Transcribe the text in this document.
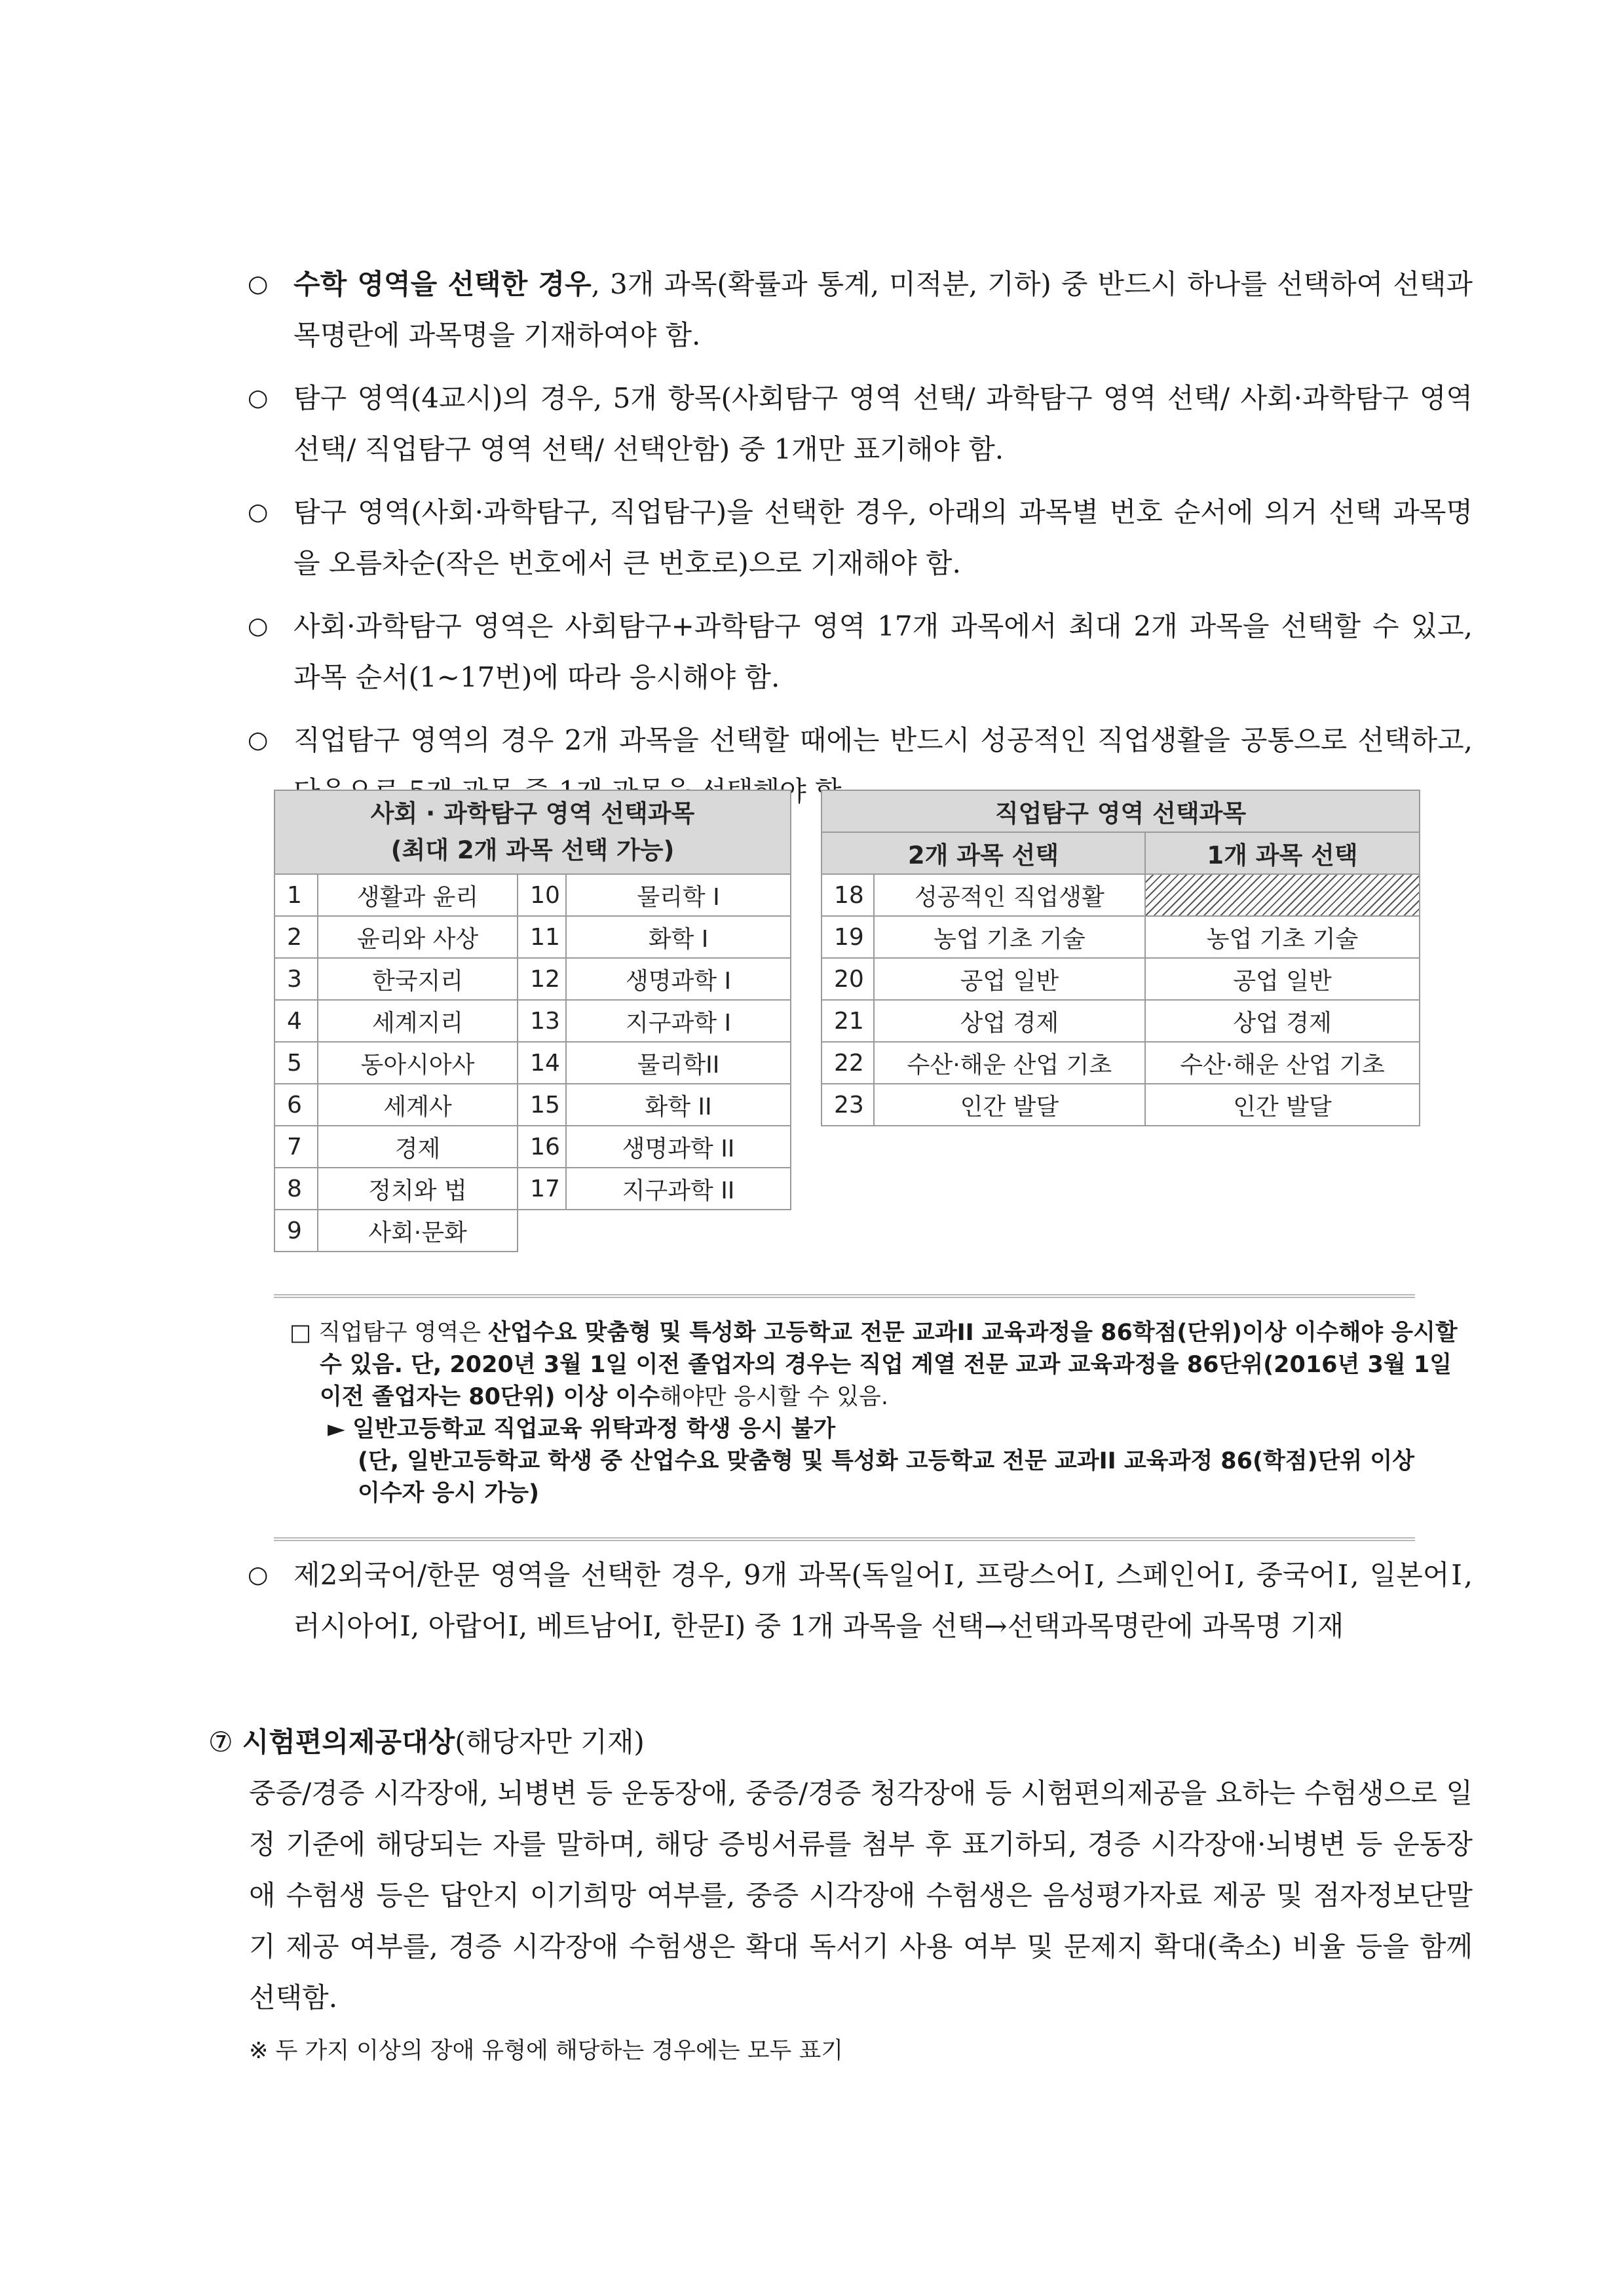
○ 수학 영역을 선택한 경우, 3개 과목(확률과 통계, 미적분, 기하) 중 반드시 하나를 선택하여 선택과목명란에 과목명을 기재하여야 함.
○ 탐구 영역(4교시)의 경우, 5개 항목(사회탐구 영역 선택/ 과학탐구 영역 선택/ 사회·과학탐구 영역 선택/ 직업탐구 영역 선택/ 선택안함) 중 1개만 표기해야 함.
○ 탐구 영역(사회·과학탐구, 직업탐구)을 선택한 경우, 아래의 과목별 번호 순서에 의거 선택 과목명을 오름차순(작은 번호에서 큰 번호로)으로 기재해야 함.
○ 사회·과학탐구 영역은 사회탐구+과학탐구 영역 17개 과목에서 최대 2개 과목을 선택할 수 있고, 과목 순서(1~17번)에 따라 응시해야 함.
○ 직업탐구 영역의 경우 2개 과목을 선택할 때에는 반드시 성공적인 직업생활을 공통으로 선택하고,
사회 · 과학탐구 영역 선택과목
(최대 2개 과목 선택 가능)			

1	생활과 윤리	10	물리학 I
2	윤리와 사상	11	화학 I
3	한국지리	12	생명과학 I
4	세계지리	13	지구과학 I
5	동아시아사	14	물리학II
6	세계사	15	화학 II
7	경제	16	생명과학 II
8	정치와 법	17	지구과학 II
9	사회·문화		
직업탐구 영역 선택과목		
2개 과목 선택		1개 과목 선택
18	성공적인 직업생활	
19	농업 기초 기술	농업 기초 기술
20	공업 일반	공업 일반
21	상업 경제	상업 경제
22	수산·해운 산업 기초	수산·해운 산업 기초
23	인간 발달	인간 발달
□ 직업탐구 영역은 산업수요 맞춤형 및 특성화 고등학교 전문 교과II 교육과정을 86학점(단위)이상 이수해야 응시할
수 있음. 단, 2020년 3월 1일 이전 졸업자의 경우는 직업 계열 전문 교과 교육과정을 86단위(2016년 3월 1일
이전 졸업자는 80단위) 이상 이수해야만 응시할 수 있음.
► 일반고등학교 직업교육 위탁과정 학생 응시 불가
(단, 일반고등학교 학생 중 산업수요 맞춤형 및 특성화 고등학교 전문 교과II 교육과정 86(학점)단위 이상
이수자 응시 가능)
○ 제2외국어/한문 영역을 선택한 경우, 9개 과목(독일어Ⅰ, 프랑스어Ⅰ, 스페인어Ⅰ, 중국어Ⅰ, 일본어Ⅰ, 러시아어Ⅰ, 아랍어Ⅰ, 베트남어Ⅰ, 한문Ⅰ) 중 1개 과목을 선택→선택과목명란에 과목명 기재
⑦ 시험편의제공대상(해당자만 기재)
중증/경증 시각장애, 뇌병변 등 운동장애, 중증/경증 청각장애 등 시험편의제공을 요하는 수험생으로 일정 기준에 해당되는 자를 말하며, 해당 증빙서류를 첨부 후 표기하되, 경증 시각장애·뇌병변 등 운동장애 수험생 등은 답안지 이기희망 여부를, 중증 시각장애 수험생은 음성평가자료 제공 및 점자정보단말기 제공 여부를, 경증 시각장애 수험생은 확대 독서기 사용 여부 및 문제지 확대(축소) 비율 등을 함께 선택함.
※ 두 가지 이상의 장애 유형에 해당하는 경우에는 모두 표기
